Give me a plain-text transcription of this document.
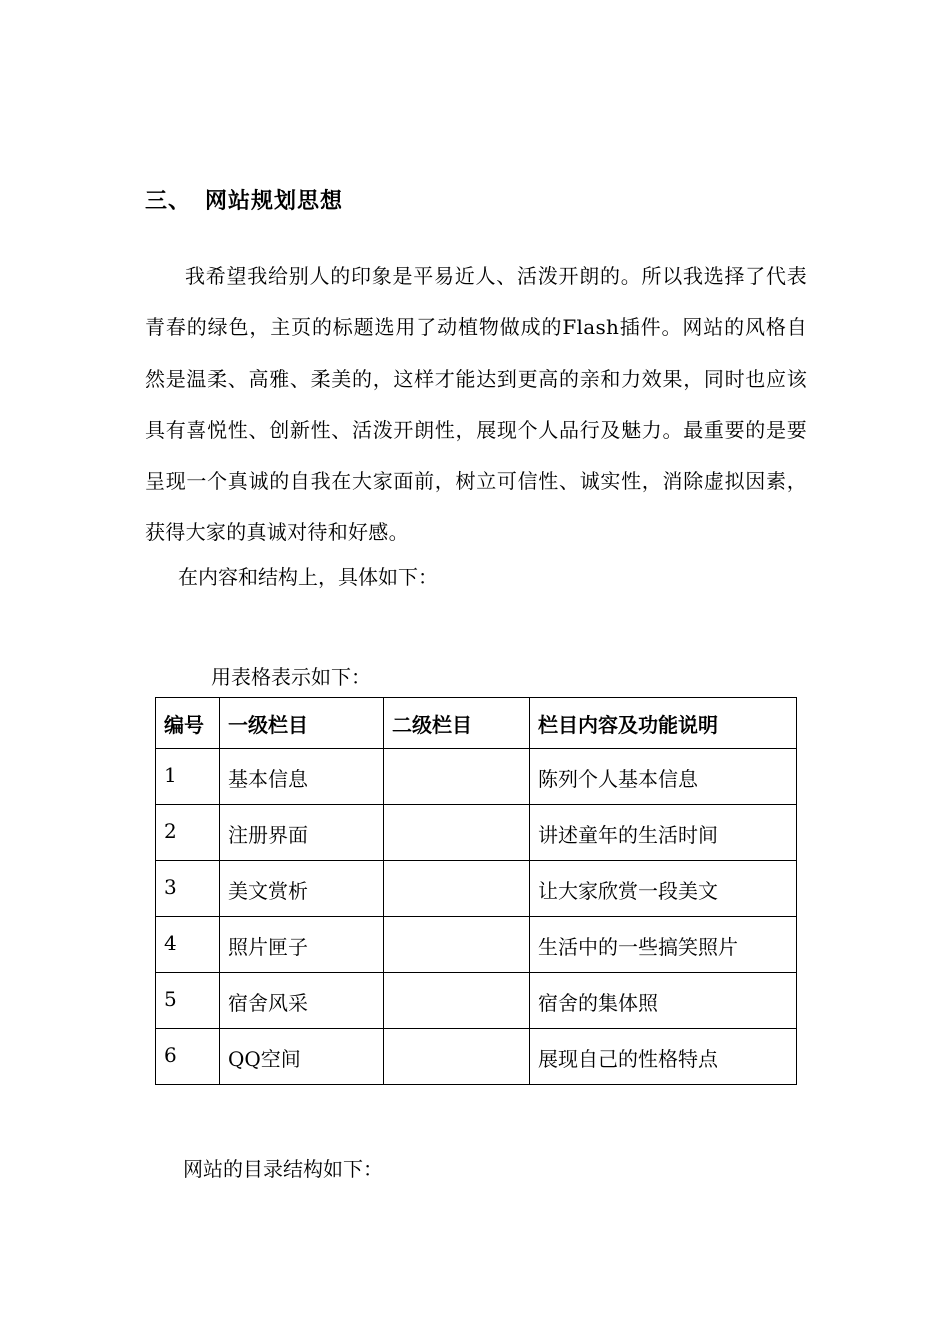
三、 网站规划思想

我希望我给别人的印象是平易近人、活泼开朗的。所以我选择了代表青春的绿色，主页的标题选用了动植物做成的Flash插件。网站的风格自然是温柔、高雅、柔美的，这样才能达到更高的亲和力效果，同时也应该具有喜悦性、创新性、活泼开朗性，展现个人品行及魅力。最重要的是要呈现一个真诚的自我在大家面前，树立可信性、诚实性，消除虚拟因素，获得大家的真诚对待和好感。

在内容和结构上，具体如下：
用表格表示如下：
编号	一级栏目	二级栏目	栏目内容及功能说明
1	基本信息		陈列个人基本信息
2	注册界面		讲述童年的生活时间
3	美文赏析		让大家欣赏一段美文
4	照片匣子		生活中的一些搞笑照片
5	宿舍风采		宿舍的集体照
6	QQ空间		展现自己的性格特点
网站的目录结构如下：
